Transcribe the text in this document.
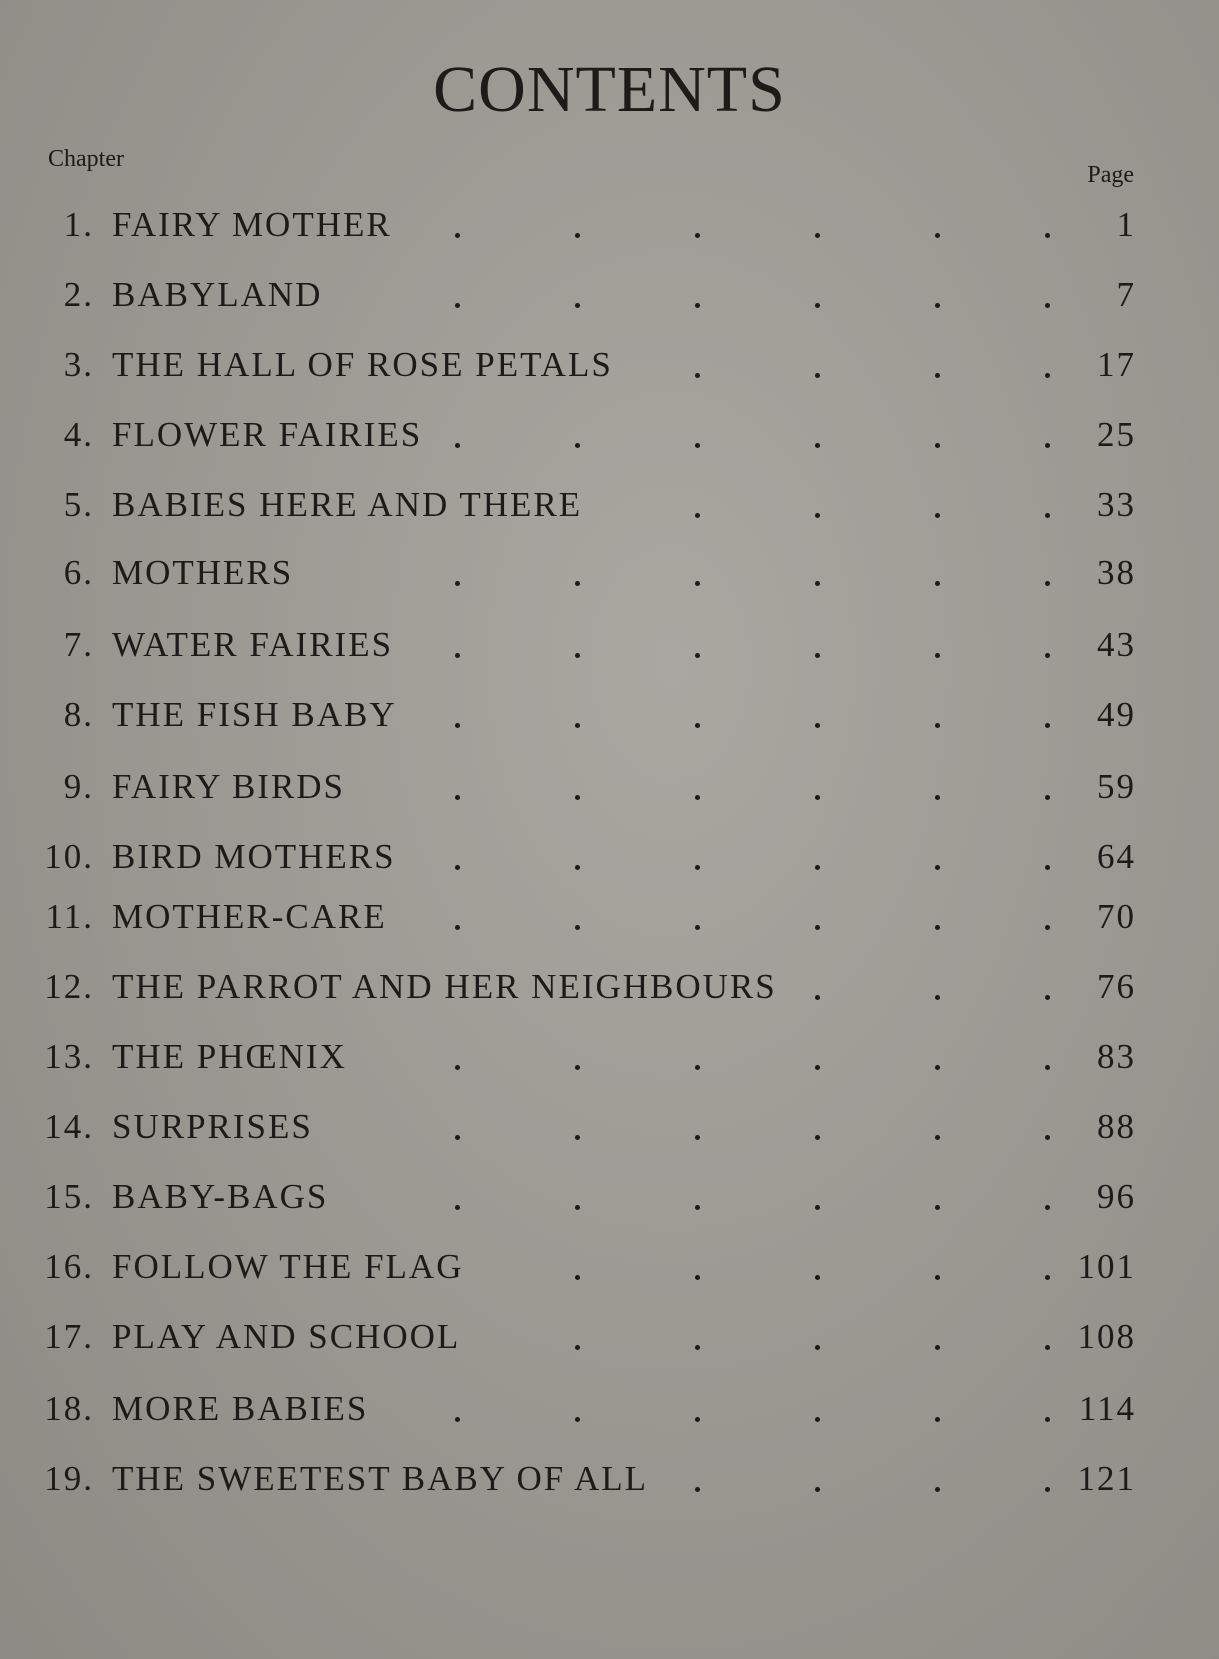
CONTENTS
Chapter
Page
1. FAIRY MOTHER	1
2. BABYLAND	7
3. THE HALL OF ROSE PETALS	17
4. FLOWER FAIRIES	25
5. BABIES HERE AND THERE	33
6. MOTHERS	38
7. WATER FAIRIES	43
8. THE FISH BABY	49
9. FAIRY BIRDS	59
10. BIRD MOTHERS	64
11. MOTHER-CARE	70
12. THE PARROT AND HER NEIGHBOURS	76
13. THE PHŒNIX	83
14. SURPRISES	88
15. BABY-BAGS	96
16. FOLLOW THE FLAG	101
17. PLAY AND SCHOOL	108
18. MORE BABIES	114
19. THE SWEETEST BABY OF ALL	121
